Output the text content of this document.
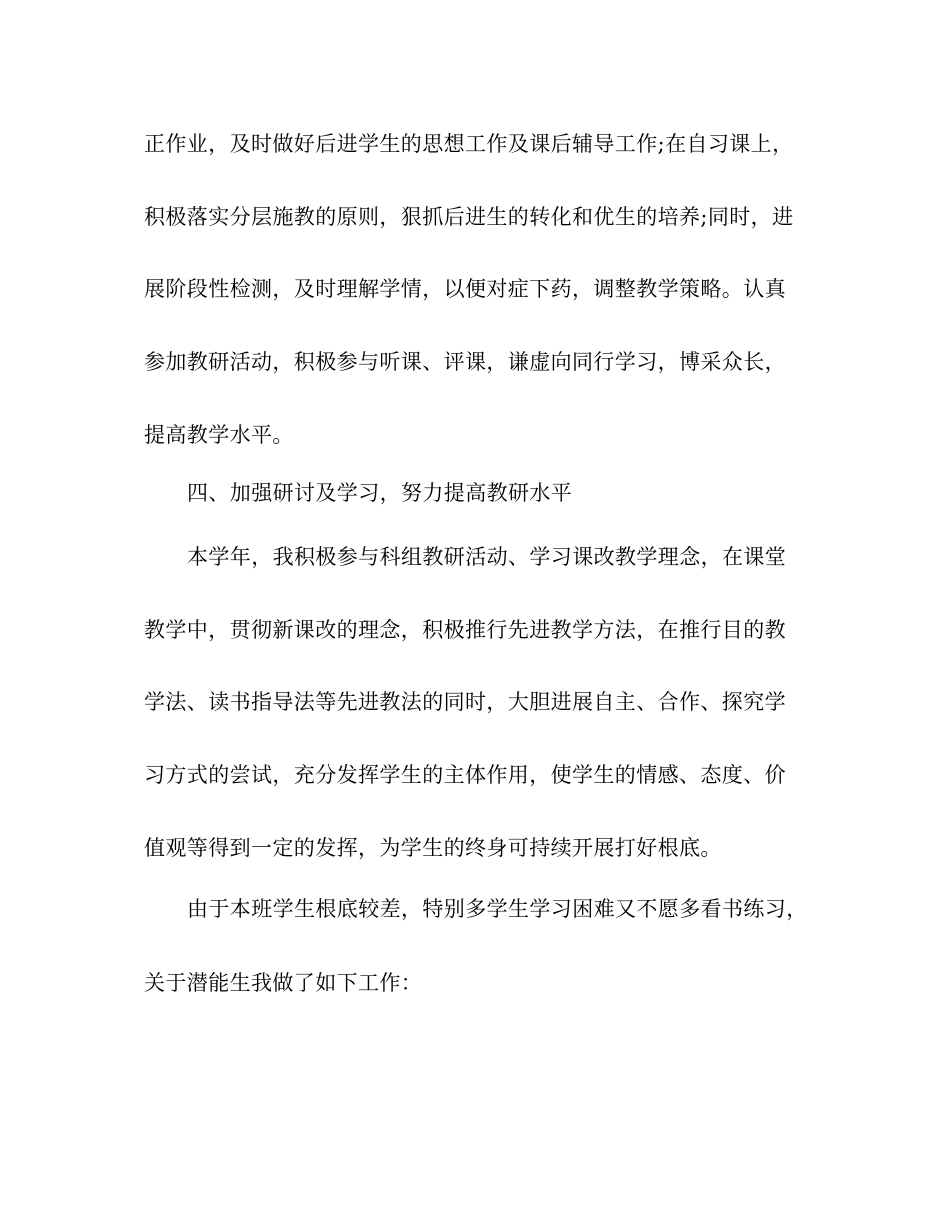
正作业，及时做好后进学生的思想工作及课后辅导工作;在自习课上，
积极落实分层施教的原则，狠抓后进生的转化和优生的培养;同时，进
展阶段性检测，及时理解学情，以便对症下药，调整教学策略。认真
参加教研活动，积极参与听课、评课，谦虚向同行学习，博采众长，
提高教学水平。
四、加强研讨及学习，努力提高教研水平
本学年，我积极参与科组教研活动、学习课改教学理念，在课堂
教学中，贯彻新课改的理念，积极推行先进教学方法，在推行目的教
学法、读书指导法等先进教法的同时，大胆进展自主、合作、探究学
习方式的尝试，充分发挥学生的主体作用，使学生的情感、态度、价
值观等得到一定的发挥，为学生的终身可持续开展打好根底。
由于本班学生根底较差，特别多学生学习困难又不愿多看书练习，
关于潜能生我做了如下工作：
